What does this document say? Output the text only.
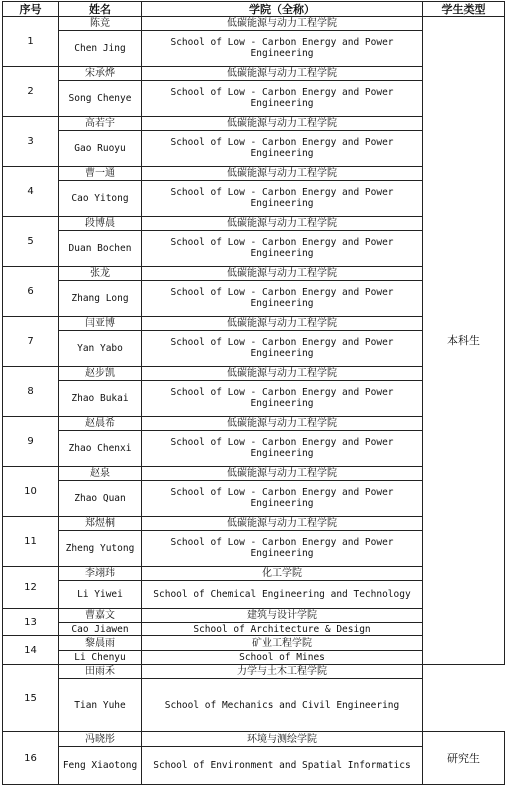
序号	姓名	学院（全称）	学生类型
1	陈竞	低碳能源与动力工程学院	本科生
	Chen Jing	School of Low - Carbon Energy and Power Engineering	

2	宋承烨	低碳能源与动力工程学院	
	Song Chenye	School of Low - Carbon Energy and Power Engineering	

3	高若宇	低碳能源与动力工程学院	
	Gao Ruoyu	School of Low - Carbon Energy and Power Engineering	

4	曹一通	低碳能源与动力工程学院	
	Cao Yitong	School of Low - Carbon Energy and Power Engineering	

5	段博晨	低碳能源与动力工程学院	
	Duan Bochen	School of Low - Carbon Energy and Power Engineering	

6	张龙	低碳能源与动力工程学院	
	Zhang Long	School of Low - Carbon Energy and Power Engineering	

7	闫亚博	低碳能源与动力工程学院	
	Yan Yabo	School of Low - Carbon Energy and Power Engineering	

8	赵步凯	低碳能源与动力工程学院	
	Zhao Bukai	School of Low - Carbon Energy and Power Engineering	

9	赵晨希	低碳能源与动力工程学院	
	Zhao Chenxi	School of Low - Carbon Energy and Power Engineering	

10	赵泉	低碳能源与动力工程学院	
	Zhao Quan	School of Low - Carbon Energy and Power Engineering	

11	郑煜桐	低碳能源与动力工程学院	
	Zheng Yutong	School of Low - Carbon Energy and Power Engineering	

12	李翊玮	化工学院	
	Li Yiwei	School of Chemical Engineering and Technology	
13	曹嘉文	建筑与设计学院	
	Cao Jiawen	School of Architecture & Design	
14	黎晨雨	矿业工程学院	
	Li Chenyu	School of Mines	
15	田雨禾	力学与土木工程学院	
	Tian Yuhe	School of Mechanics and Civil Engineering	
16	冯晓彤	环境与测绘学院	研究生
	Feng Xiaotong	School of Environment and Spatial Informatics	
